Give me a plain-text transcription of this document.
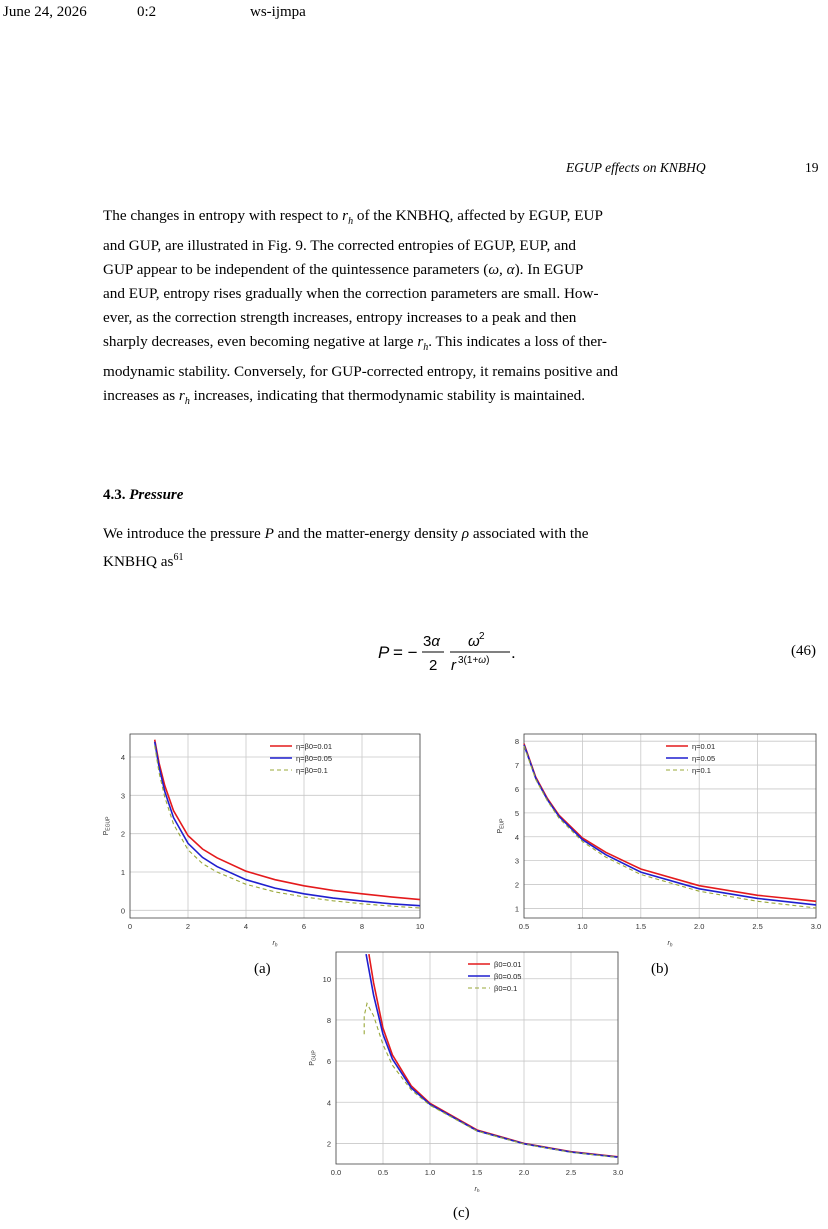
June 24, 2026	0:2	ws-ijmpa
EGUP effects on KNBHQ	19
The changes in entropy with respect to $r_h$ of the KNBHQ, affected by EGUP, EUP
and GUP, are illustrated in Fig. 9. The corrected entropies of EGUP, EUP, and
GUP appear to be independent of the quintessence parameters (ω, α). In EGUP
and EUP, entropy rises gradually when the correction parameters are small. How-
ever, as the correction strength increases, entropy increases to a peak and then
sharply decreases, even becoming negative at large $r_h$. This indicates a loss of ther-
modynamic stability. Conversely, for GUP-corrected entropy, it remains positive and
increases as $r_h$ increases, indicating that thermodynamic stability is maintained.
4.3. Pressure
We introduce the pressure P and the matter-energy density ρ associated with the
KNBHQ $as^{61}$
P = −
3α
2
ω 2
r 3(1+ω) .	(46)
0	2	4	6	8	10
0
1
2
3
4
$P_{EGUP}$
$r_h$
η=β0=0.01
η=β0=0.05
η=β0=0.1
0.5	1.0	1.5	2.0	2.5	3.0
1
2
3
4
5
6
7
8
$P_{EUP}$
$r_h$
η=0.01
η=0.05
η=0.1
0.0	0.5	1.0	1.5	2.0	2.5	3.0
2
4
6
8
10
$P_{GUP}$
$r_h$
β0=0.01
β0=0.05
β0=0.1
(a)	(b)
(c)
